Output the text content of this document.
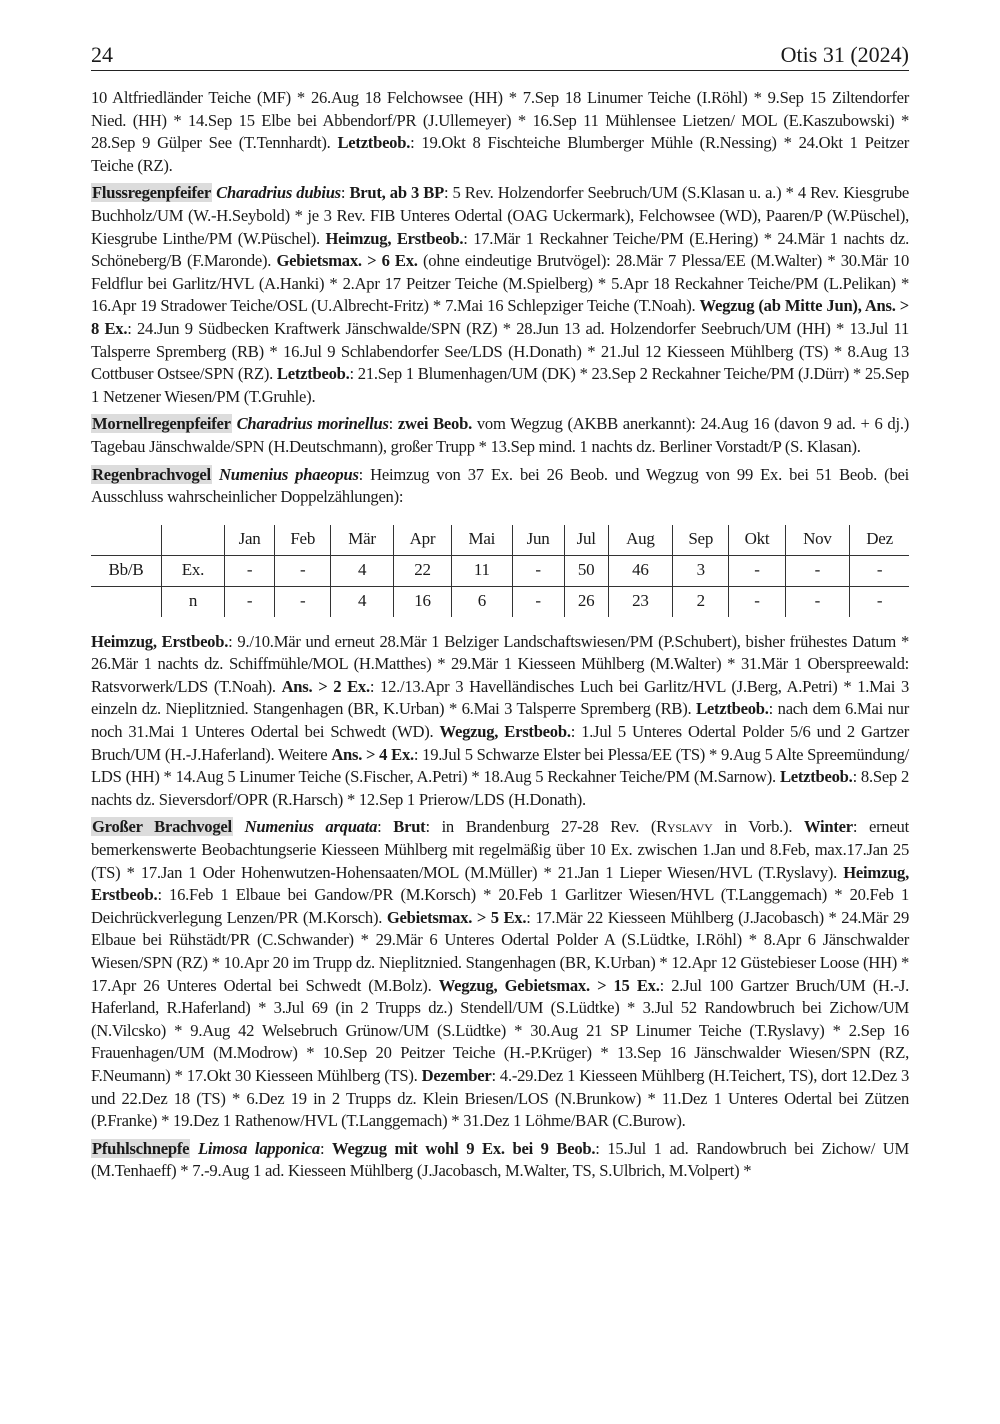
24	Otis 31 (2024)

10 Altfriedländer Teiche (MF) * 26.Aug 18 Felchowsee (HH) * 7.Sep 18 Linumer Teiche (I.Röhl) * 9.Sep 15 Ziltendorfer Nied. (HH) * 14.Sep 15 Elbe bei Abbendorf/PR (J.Ullemeyer) * 16.Sep 11 Mühlensee Lietzen/ MOL (E.Kaszubowski) * 28.Sep 9 Gülper See (T.Tennhardt). Letztbeob.: 19.Okt 8 Fischteiche Blumberger Mühle (R.Nessing) * 24.Okt 1 Peitzer Teiche (RZ).

Flussregenpfeifer Charadrius dubius: Brut, ab 3 BP: 5 Rev. Holzendorfer Seebruch/UM (S.Klasan u. a.) * 4 Rev. Kiesgrube Buchholz/UM (W.-H.Seybold) * je 3 Rev. FIB Unteres Odertal (OAG Uckermark), Felchowsee (WD), Paaren/P (W.Püschel), Kiesgrube Linthe/PM (W.Püschel). Heimzug, Erstbeob.: 17.Mär 1 Reckahner Teiche/PM (E.Hering) * 24.Mär 1 nachts dz. Schöneberg/B (F.Maronde). Gebietsmax. > 6 Ex. (ohne eindeutige Brutvögel): 28.Mär 7 Plessa/EE (M.Walter) * 30.Mär 10 Feldflur bei Garlitz/HVL (A.Hanki) * 2.Apr 17 Peitzer Teiche (M.Spielberg) * 5.Apr 18 Reckahner Teiche/PM (L.Pelikan) * 16.Apr 19 Stradower Teiche/OSL (U.Albrecht-Fritz) * 7.Mai 16 Schlepziger Teiche (T.Noah). Wegzug (ab Mitte Jun), Ans. > 8 Ex.: 24.Jun 9 Südbecken Kraftwerk Jänschwalde/SPN (RZ) * 28.Jun 13 ad. Holzendorfer Seebruch/UM (HH) * 13.Jul 11 Talsperre Spremberg (RB) * 16.Jul 9 Schlabendorfer See/LDS (H.Donath) * 21.Jul 12 Kiesseen Mühlberg (TS) * 8.Aug 13 Cottbuser Ostsee/SPN (RZ). Letztbeob.: 21.Sep 1 Blumenhagen/UM (DK) * 23.Sep 2 Reckahner Teiche/PM (J.Dürr) * 25.Sep 1 Netzener Wiesen/PM (T.Gruhle).

Mornellregenpfeifer Charadrius morinellus: zwei Beob. vom Wegzug (AKBB anerkannt): 24.Aug 16 (davon 9 ad. + 6 dj.) Tagebau Jänschwalde/SPN (H.Deutschmann), großer Trupp * 13.Sep mind. 1 nachts dz. Berliner Vorstadt/P (S. Klasan).

Regenbrachvogel Numenius phaeopus: Heimzug von 37 Ex. bei 26 Beob. und Wegzug von 99 Ex. bei 51 Beob. (bei Ausschluss wahrscheinlicher Doppelzählungen):

		Jan	Feb	Mär	Apr	Mai	Jun	Jul	Aug	Sep	Okt	Nov	Dez
Bb/B	Ex.	-	-	4	22	11	-	50	46	3	-	-	-
	n	-	-	4	16	6	-	26	23	2	-	-	-

Heimzug, Erstbeob.: 9./10.Mär und erneut 28.Mär 1 Belziger Landschaftswiesen/PM (P.Schubert), bisher frühestes Datum * 26.Mär 1 nachts dz. Schiffmühle/MOL (H.Matthes) * 29.Mär 1 Kiesseen Mühlberg (M.Walter) * 31.Mär 1 Oberspreewald: Ratsvorwerk/LDS (T.Noah). Ans. > 2 Ex.: 12./13.Apr 3 Havelländisches Luch bei Garlitz/HVL (J.Berg, A.Petri) * 1.Mai 3 einzeln dz. Nieplitznied. Stangenhagen (BR, K.Urban) * 6.Mai 3 Talsperre Spremberg (RB). Letztbeob.: nach dem 6.Mai nur noch 31.Mai 1 Unteres Odertal bei Schwedt (WD). Wegzug, Erstbeob.: 1.Jul 5 Unteres Odertal Polder 5/6 und 2 Gartzer Bruch/UM (H.-J.Haferland). Weitere Ans. > 4 Ex.: 19.Jul 5 Schwarze Elster bei Plessa/EE (TS) * 9.Aug 5 Alte Spreemündung/ LDS (HH) * 14.Aug 5 Linumer Teiche (S.Fischer, A.Petri) * 18.Aug 5 Reckahner Teiche/PM (M.Sarnow). Letztbeob.: 8.Sep 2 nachts dz. Sieversdorf/OPR (R.Harsch) * 12.Sep 1 Prierow/LDS (H.Donath).

Großer Brachvogel Numenius arquata: Brut: in Brandenburg 27-28 Rev. (Ryslavy in Vorb.). Winter: erneut bemerkenswerte Beobachtungserie Kiesseen Mühlberg mit regelmäßig über 10 Ex. zwischen 1.Jan und 8.Feb, max.17.Jan 25 (TS) * 17.Jan 1 Oder Hohenwutzen-Hohensaaten/MOL (M.Müller) * 21.Jan 1 Lieper Wiesen/HVL (T.Ryslavy). Heimzug, Erstbeob.: 16.Feb 1 Elbaue bei Gandow/PR (M.Korsch) * 20.Feb 1 Garlitzer Wiesen/HVL (T.Langgemach) * 20.Feb 1 Deichrückverlegung Lenzen/PR (M.Korsch). Gebietsmax. > 5 Ex.: 17.Mär 22 Kiesseen Mühlberg (J.Jacobasch) * 24.Mär 29 Elbaue bei Rühstädt/PR (C.Schwander) * 29.Mär 6 Unteres Odertal Polder A (S.Lüdtke, I.Röhl) * 8.Apr 6 Jänschwalder Wiesen/SPN (RZ) * 10.Apr 20 im Trupp dz. Nieplitznied. Stangenhagen (BR, K.Urban) * 12.Apr 12 Güstebieser Loose (HH) * 17.Apr 26 Unteres Odertal bei Schwedt (M.Bolz). Wegzug, Gebietsmax. > 15 Ex.: 2.Jul 100 Gartzer Bruch/UM (H.-J. Haferland, R.Haferland) * 3.Jul 69 (in 2 Trupps dz.) Stendell/UM (S.Lüdtke) * 3.Jul 52 Randowbruch bei Zichow/UM (N.Vilcsko) * 9.Aug 42 Welsebruch Grünow/UM (S.Lüdtke) * 30.Aug 21 SP Linumer Teiche (T.Ryslavy) * 2.Sep 16 Frauenhagen/UM (M.Modrow) * 10.Sep 20 Peitzer Teiche (H.-P.Krüger) * 13.Sep 16 Jänschwalder Wiesen/SPN (RZ, F.Neumann) * 17.Okt 30 Kiesseen Mühlberg (TS). Dezember: 4.-29.Dez 1 Kiesseen Mühlberg (H.Teichert, TS), dort 12.Dez 3 und 22.Dez 18 (TS) * 6.Dez 19 in 2 Trupps dz. Klein Briesen/LOS (N.Brunkow) * 11.Dez 1 Unteres Odertal bei Zützen (P.Franke) * 19.Dez 1 Rathenow/HVL (T.Langgemach) * 31.Dez 1 Löhme/BAR (C.Burow).

Pfuhlschnepfe Limosa lapponica: Wegzug mit wohl 9 Ex. bei 9 Beob.: 15.Jul 1 ad. Randowbruch bei Zichow/ UM (M.Tenhaeff) * 7.-9.Aug 1 ad. Kiesseen Mühlberg (J.Jacobasch, M.Walter, TS, S.Ulbrich, M.Volpert) *
